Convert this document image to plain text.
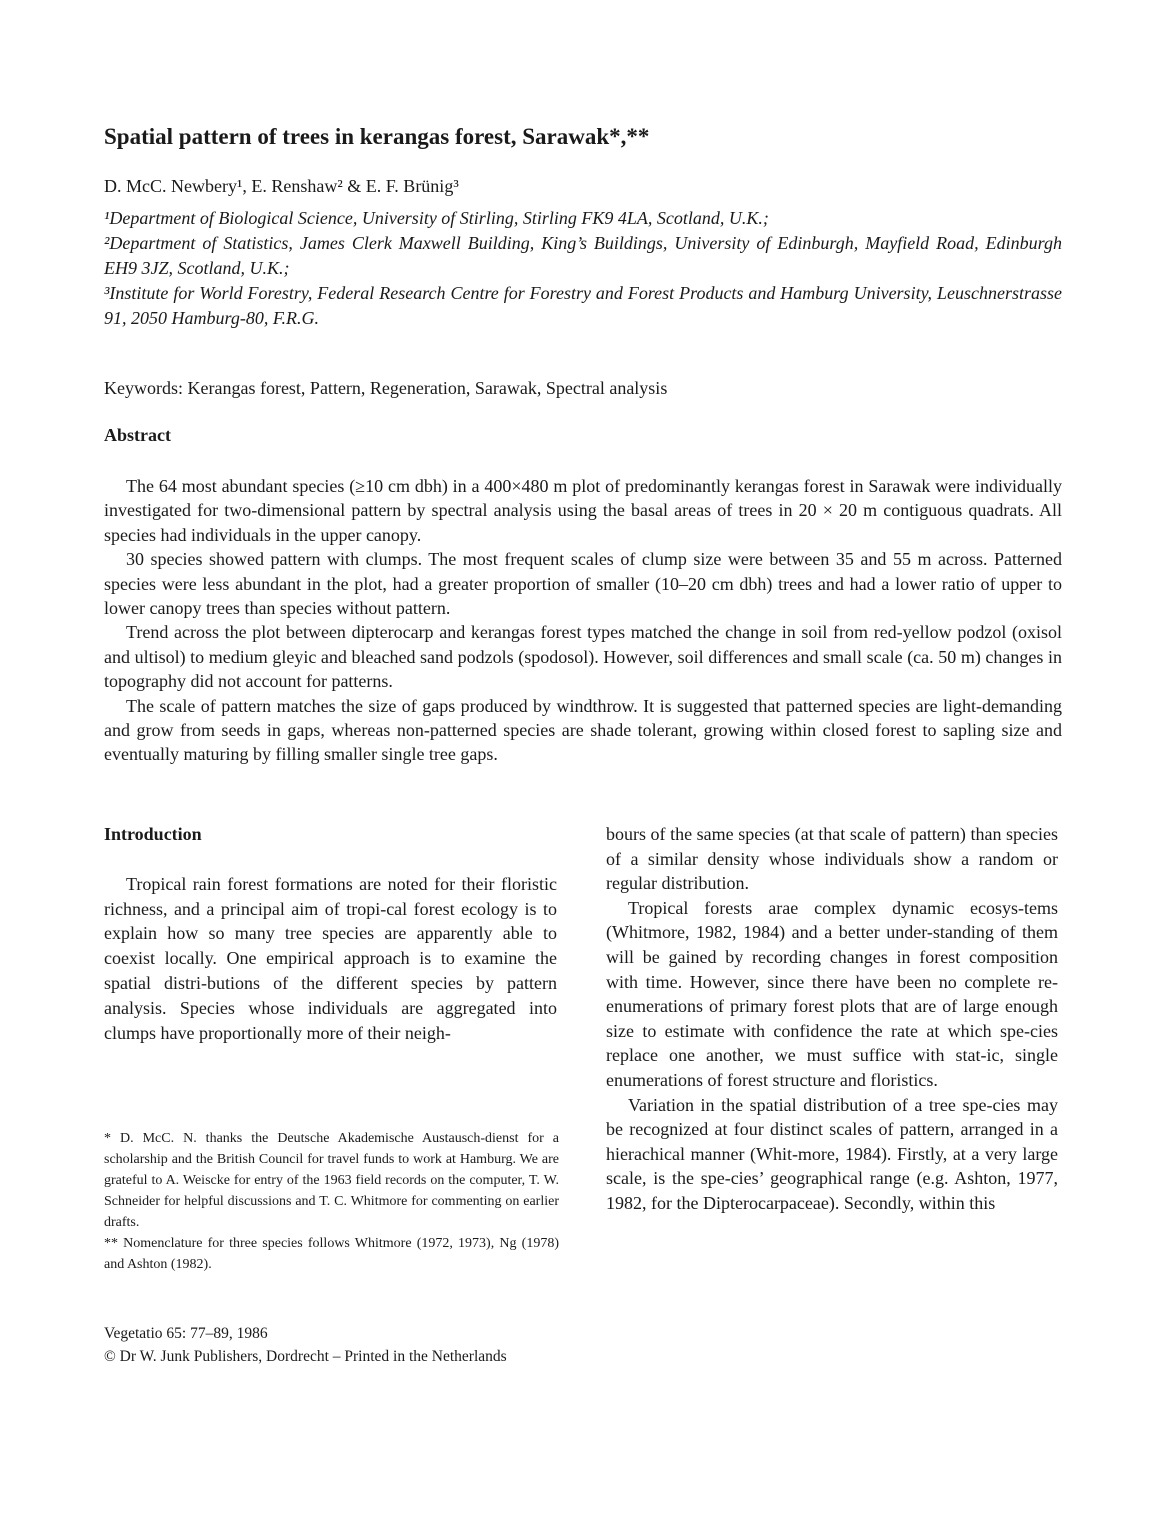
Spatial pattern of trees in kerangas forest, Sarawak*,**

D. McC. Newbery¹, E. Renshaw² & E. F. Brünig³

¹Department of Biological Science, University of Stirling, Stirling FK9 4LA, Scotland, U.K.;

²Department of Statistics, James Clerk Maxwell Building, King’s Buildings, University of Edinburgh, Mayfield Road, Edinburgh EH9 3JZ, Scotland, U.K.;

³Institute for World Forestry, Federal Research Centre for Forestry and Forest Products and Hamburg University, Leuschnerstrasse 91, 2050 Hamburg-80, F.R.G.

Keywords: Kerangas forest, Pattern, Regeneration, Sarawak, Spectral analysis

Abstract

The 64 most abundant species (≥10 cm dbh) in a 400×480 m plot of predominantly kerangas forest in Sarawak were individually investigated for two-dimensional pattern by spectral analysis using the basal areas of trees in 20 × 20 m contiguous quadrats. All species had individuals in the upper canopy.

30 species showed pattern with clumps. The most frequent scales of clump size were between 35 and 55 m across. Patterned species were less abundant in the plot, had a greater proportion of smaller (10–20 cm dbh) trees and had a lower ratio of upper to lower canopy trees than species without pattern.

Trend across the plot between dipterocarp and kerangas forest types matched the change in soil from red-yellow podzol (oxisol and ultisol) to medium gleyic and bleached sand podzols (spodosol). However, soil differences and small scale (ca. 50 m) changes in topography did not account for patterns.

The scale of pattern matches the size of gaps produced by windthrow. It is suggested that patterned species are light-demanding and grow from seeds in gaps, whereas non-patterned species are shade tolerant, growing within closed forest to sapling size and eventually maturing by filling smaller single tree gaps.

Introduction

Tropical rain forest formations are noted for their floristic richness, and a principal aim of tropi-cal forest ecology is to explain how so many tree species are apparently able to coexist locally. One empirical approach is to examine the spatial distri-butions of the different species by pattern analysis. Species whose individuals are aggregated into clumps have proportionally more of their neigh-

bours of the same species (at that scale of pattern) than species of a similar density whose individuals show a random or regular distribution.

Tropical forests arae complex dynamic ecosys-tems (Whitmore, 1982, 1984) and a better under-standing of them will be gained by recording changes in forest composition with time. However, since there have been no complete re-enumerations of primary forest plots that are of large enough size to estimate with confidence the rate at which spe-cies replace one another, we must suffice with stat-ic, single enumerations of forest structure and floristics.

Variation in the spatial distribution of a tree spe-cies may be recognized at four distinct scales of pattern, arranged in a hierachical manner (Whit-more, 1984). Firstly, at a very large scale, is the spe-cies’ geographical range (e.g. Ashton, 1977, 1982, for the Dipterocarpaceae). Secondly, within this

* D. McC. N. thanks the Deutsche Akademische Austausch-dienst for a scholarship and the British Council for travel funds to work at Hamburg. We are grateful to A. Weiscke for entry of the 1963 field records on the computer, T. W. Schneider for helpful discussions and T. C. Whitmore for commenting on earlier drafts.

** Nomenclature for three species follows Whitmore (1972, 1973), Ng (1978) and Ashton (1982).

Vegetatio 65: 77–89, 1986
© Dr W. Junk Publishers, Dordrecht – Printed in the Netherlands
